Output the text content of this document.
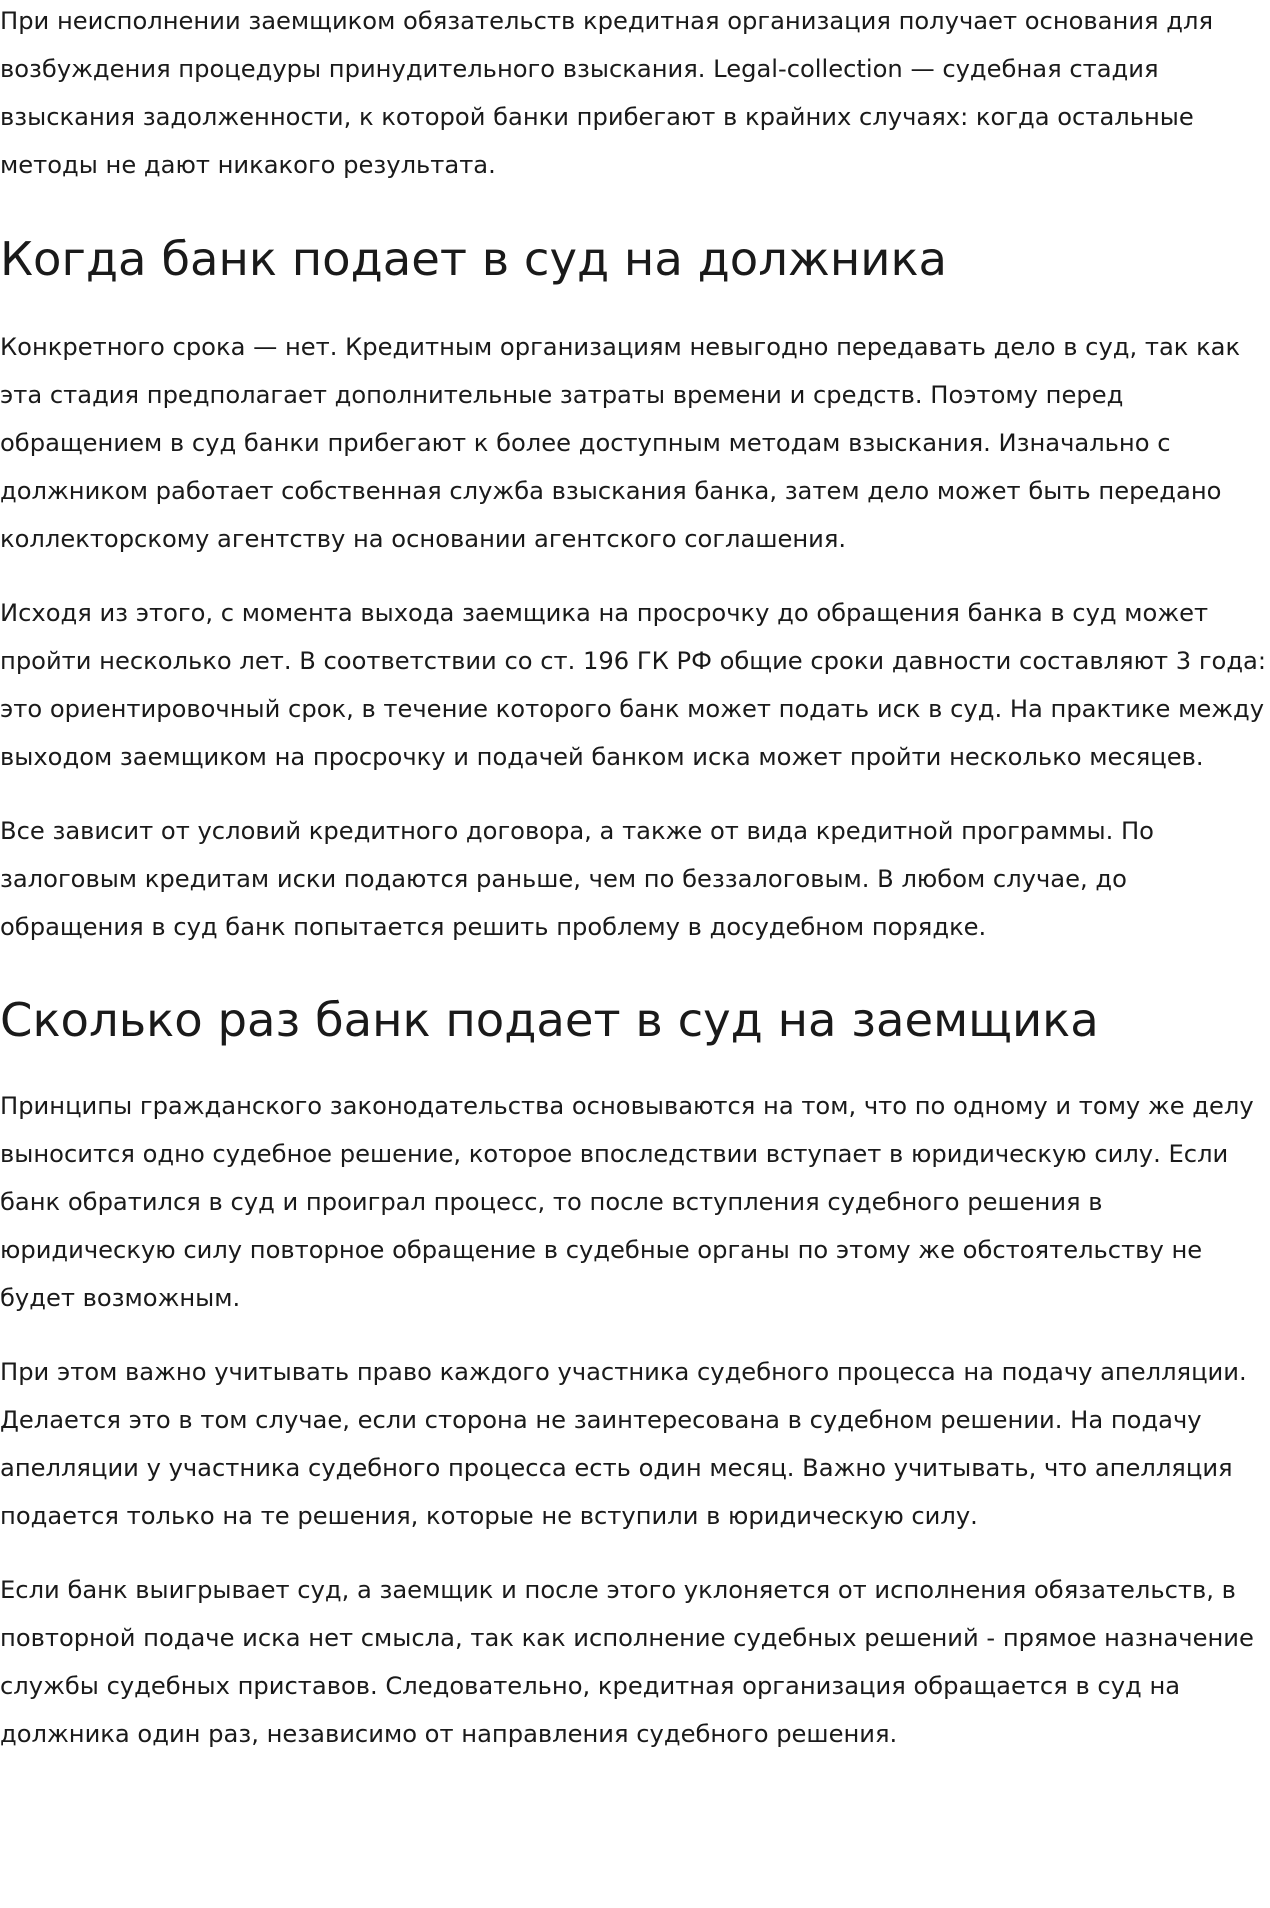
При неисполнении заемщиком обязательств кредитная организация получает основания для возбуждения процедуры принудительного взыскания. Legal-collection — судебная стадия взыскания задолженности, к которой банки прибегают в крайних случаях: когда остальные методы не дают никакого результата.

Когда банк подает в суд на должника

Конкретного срока — нет. Кредитным организациям невыгодно передавать дело в суд, так как эта стадия предполагает дополнительные затраты времени и средств. Поэтому перед обращением в суд банки прибегают к более доступным методам взыскания. Изначально с должником работает собственная служба взыскания банка, затем дело может быть передано коллекторскому агентству на основании агентского соглашения.

Исходя из этого, с момента выхода заемщика на просрочку до обращения банка в суд может пройти несколько лет. В соответствии со ст. 196 ГК РФ общие сроки давности составляют 3 года: это ориентировочный срок, в течение которого банк может подать иск в суд. На практике между выходом заемщиком на просрочку и подачей банком иска может пройти несколько месяцев.

Все зависит от условий кредитного договора, а также от вида кредитной программы. По залоговым кредитам иски подаются раньше, чем по беззалоговым. В любом случае, до обращения в суд банк попытается решить проблему в досудебном порядке.

Сколько раз банк подает в суд на заемщика

Принципы гражданского законодательства основываются на том, что по одному и тому же делу выносится одно судебное решение, которое впоследствии вступает в юридическую силу. Если банк обратился в суд и проиграл процесс, то после вступления судебного решения в юридическую силу повторное обращение в судебные органы по этому же обстоятельству не будет возможным.

При этом важно учитывать право каждого участника судебного процесса на подачу апелляции. Делается это в том случае, если сторона не заинтересована в судебном решении. На подачу апелляции у участника судебного процесса есть один месяц. Важно учитывать, что апелляция подается только на те решения, которые не вступили в юридическую силу.

Если банк выигрывает суд, а заемщик и после этого уклоняется от исполнения обязательств, в повторной подаче иска нет смысла, так как исполнение судебных решений - прямое назначение службы судебных приставов. Следовательно, кредитная организация обращается в суд на должника один раз, независимо от направления судебного решения.
